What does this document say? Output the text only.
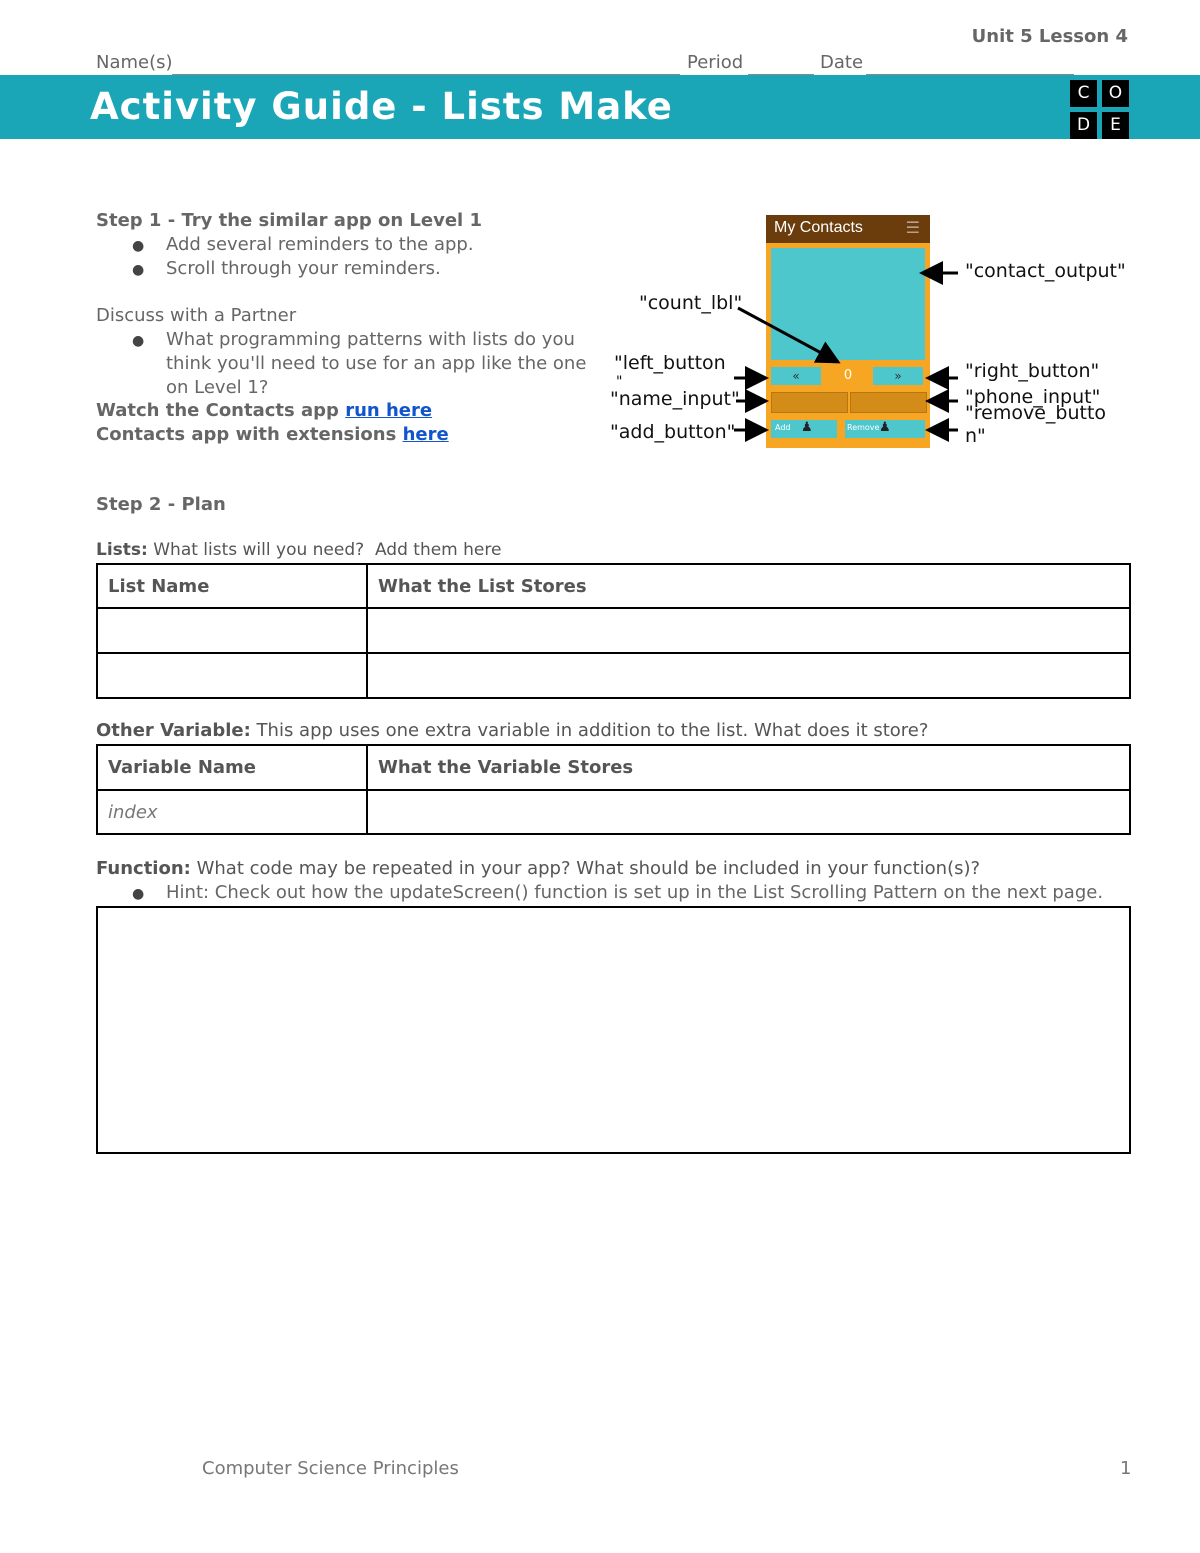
Unit 5 Lesson 4
Name(s)	Period	Date
Activity Guide - Lists Make	C	O
D	E
Step 1 - Try the similar app on Level 1
● Add several reminders to the app.
● Scroll through your reminders.
Discuss with a Partner
● What programming patterns with lists do you
think you'll need to use for an app like the one
on Level 1?
Watch the Contacts app run here
Contacts app with extensions here
My Contacts	☰
«	0	»
Add ♟	Remove ♟
"contact_output"
"count_lbl"
"left_button
"
"name_input"
"add_button"
"right_button"
"phone_input"
"remove_butto
n"
Step 2 - Plan
Lists: What lists will you need?  Add them here
List Name	What the List Stores

Other Variable: This app uses one extra variable in addition to the list. What does it store?
Variable Name	What the Variable Stores
index	
Function: What code may be repeated in your app? What should be included in your function(s)?
● Hint: Check out how the updateScreen() function is set up in the List Scrolling Pattern on the next page.
Computer Science Principles	1
